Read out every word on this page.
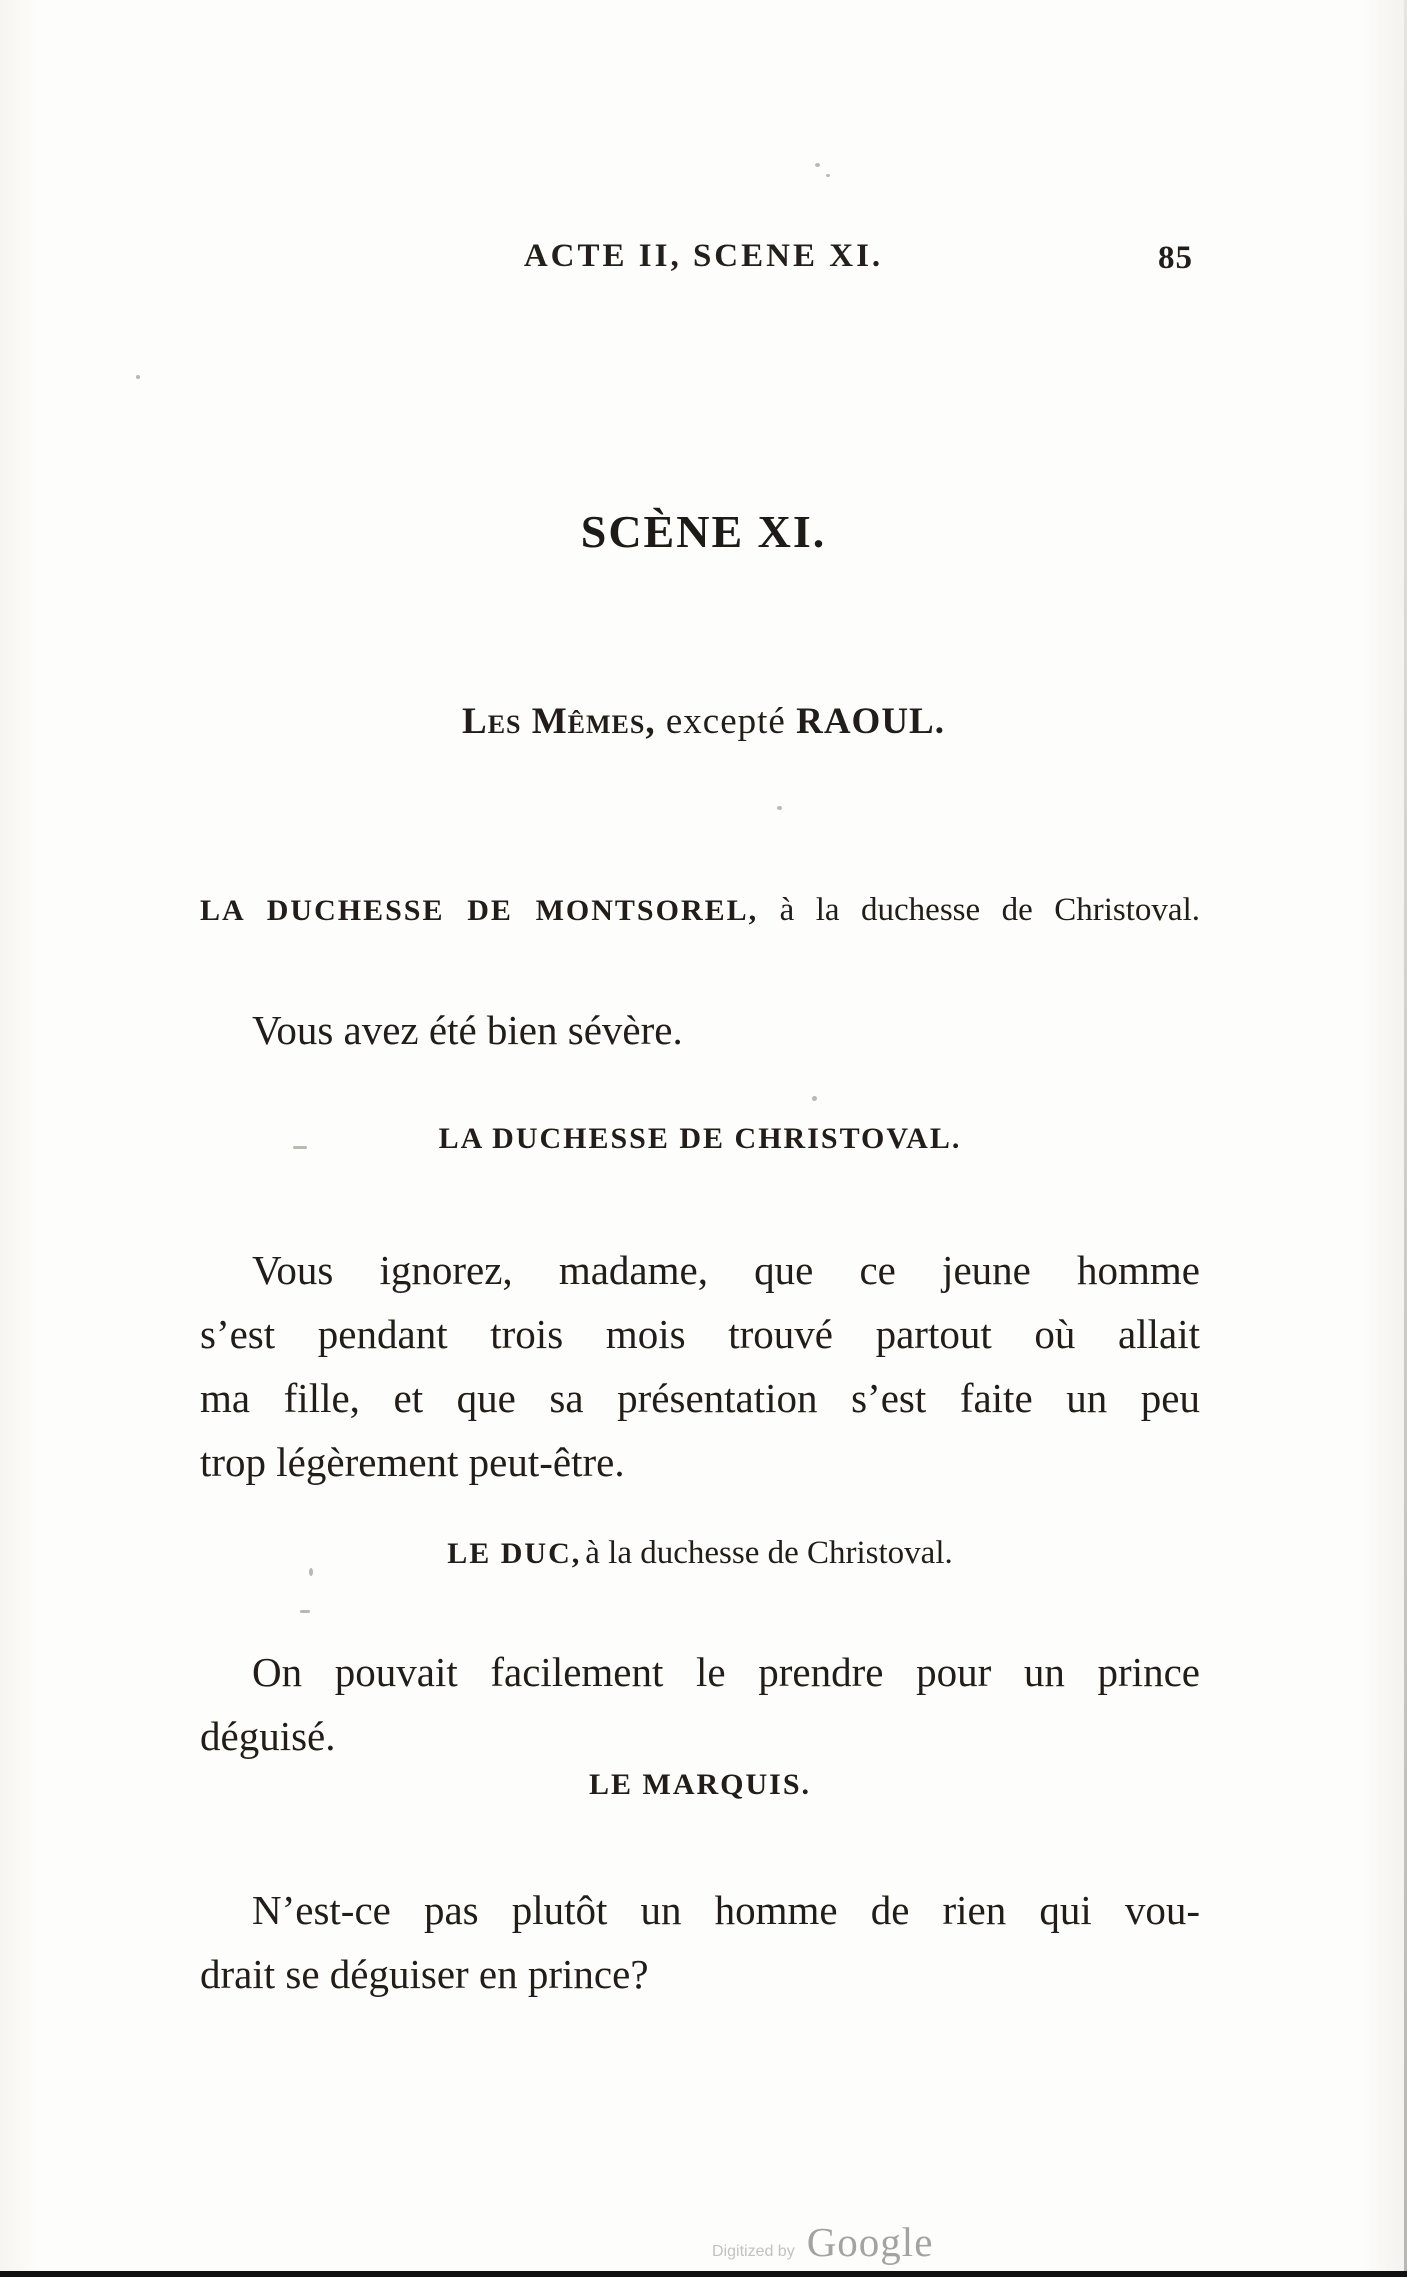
ACTE II, SCENE XI.	85
SCÈNE XI.
Les Mêmes, excepté RAOUL.
LA DUCHESSE DE MONTSOREL, à la duchesse de Christoval.
Vous avez été bien sévère.
LA DUCHESSE DE CHRISTOVAL.
Vous ignorez, madame, que ce jeune homme
s’est pendant trois mois trouvé partout où allait
ma fille, et que sa présentation s’est faite un peu
trop légèrement peut-être.
LE DUC, à la duchesse de Christoval.
On pouvait facilement le prendre pour un prince
déguisé.
LE MARQUIS.
N’est-ce pas plutôt un homme de rien qui vou-
drait se déguiser en prince?
Digitized by Google
